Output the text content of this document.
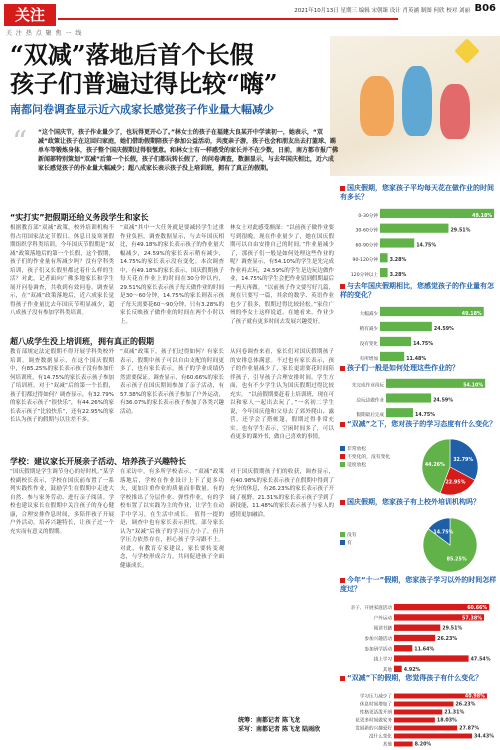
关注
关 注 热 点 聚 焦 一 线
2021年10月13日 星期三 编辑 宋朝臻 设计 肖英涵 制图 何欣 校对 刘丽 B06
“双减”落地后首个长假
孩子们普遍过得比较“嗨”
南都问卷调查显示近六成家长感觉孩子作业量大幅减少
“ “这个国庆节，孩子作业量少了，也玩得更开心了。”林女士的孩子在福建大良某开中学读初一，她表示，“双减”政策让孩子在这回归家庭，她们借助假期陪孩子参加公益活动，共度亲子游，孩子也会和朋友出去打篮球、踢单车等锻炼身体，孩子整个国庆假期过得很惬意。和林女士有一样感受的家长并不在少数，日前，南方都市报广佛新闻部特别策划“双减”后第一个长假，孩子们都玩转长假了，的问卷调查，数据显示，与去年国庆相比，近六成家长感觉孩子的作业量大幅减少；超八成家长表示孩子没上培训班，拥有了真正的假期。
“实打实”把假期还给义务段学生和家长
根据教育部“双减”政策，校外培训机构不得占用国家法定节假日、休息日及寒暑假期组织学科类培训。今年国庆节假期是“双减”政策落地后的第一个长假，这个假期，孩子们的作业量有所减少吗？没有学科类培训，孩子们又长假里都过着什么样的生活？对此，记者面向广佛多地家长和学生展开问卷调查，共收到有效问卷。调查显示，在“双减”政策落地后，近六成家长觉得孩子作业量比去年国庆节明显减少，超八成孩子没有参加学科类培训。
“双减”其中一大任务就是要减轻学生过重作业负担。调查数据显示，与去年国庆相比，有49.18%的家长表示孩子的作业量大幅减少，24.59%的家长表示稍有减少，14.75%的家长表示没有变化。本次调查中，有49.18%的家长表示，国庆假期孩子每天花在作业上的时间在30分钟以内，29.51%的家长表示孩子每天做作业的时间是30～60分钟，14.75%的家长则表示孩子每天需要花60～90分钟，只有3.28%的家长反映孩子做作业的时间在两个小时以上。
林女士对此感受颇深：“以前孩子做作业要写到很晚，现在作业量少了，她在国庆假期可以自由安排自己的时间。”作业量减少了，那孩子们一般是如何处理这些作业的呢？调查显示，有54.10%的学生是先完成作业再去玩，24.59%的学生是边玩边做作业，14.75%的学生会把作业留到假期最后一两天再做。 “以前孩子作文要写好几篇，现在只要写一篇，其余的数学、英语作业也少了很多，假期过得比较轻松。”家住广州的李女士这样说道。在她看来，作业少了孩子就有更多时间去发展兴趣爱好。
超八成学生没上培训班，拥有真正的假期
教育部规定法定假期不得开展学科类校外培训。调查数据显示，在这个国庆假期中，有85.25%的家长表示孩子没有参加任何培训班，有14.75%的家长表示孩子参加了培训班。对于“双减”后的第一个长假，孩子们都过得如何？调查显示，有32.79%的家长表示孩子“很快乐”，有44.26%的家长表示孩子“比较快乐”，还有22.95%的家长认为孩子的假期与以往差不多。
“双减”政策下，孩子们过得如何？有家长表示，假期中孩子可以自由支配的时间更多了，也有家长表示，孩子的学业成绩仍然需要保证。调查显示，有60.66%的家长表示孩子在国庆期间参加了亲子活动，有57.38%的家长表示孩子参加了户外运动，有36.07%的家长表示孩子参加了各类兴趣活动。
从问卷调查来看，家长们对国庆假期孩子的安排总体满意。不过也有家长表示，孩子的作业量减少了，家长更需要花时间陪伴孩子，引导孩子合理安排时间。学生方面，也有不少学生认为国庆假期过得比较充实。 “以前假期要赶着上培训班，现在可以和家人一起出去玩了。”一名初二学生说，今年国庆他和父母去了郊外爬山、露营，还学会了搭帐篷，假期过得非常充实。也有学生表示，空闲时间多了，可以看更多的课外书，做自己喜欢的事情。
学校：建议家长开展亲子活动、培养孩子兴趣特长
“国庆假期是学生调节身心的好时机。”某学校副校长表示，学校在国庆前布置了一系列实践性作业，鼓励学生在假期中走进大自然、参与家务劳动、进行亲子阅读。学校也建议家长在假期中关注孩子的身心健康，合理安排作息时间，多陪伴孩子开展户外活动，培养兴趣特长，让孩子过一个充实而有意义的假期。
在采访中，有多所学校表示，“双减”政策落地后，学校在作业设计上下了更多功夫，更加注重作业的质量而非数量。有的学校推出了分层作业、弹性作业，有的学校布置了以实践为主的作业，让学生在动手中学习，在生活中成长。 值得一提的是，调查中也有家长表示担忧。部分家长认为“双减”后孩子的学习压力小了，但升学压力依然存在，担心孩子学习跟不上。对此，有教育专家建议，家长要转变观念，与学校形成合力，共同促进孩子全面健康成长。
对于国庆假期孩子们的收获，调查显示，有40.98%的家长表示孩子在假期中得到了充分的休息，有26.23%的家长表示孩子开阔了视野，21.31%的家长表示孩子学到了新技能，11.48%的家长表示孩子与家人的感情更加融洽。
统筹：南都记者 陈飞龙
采写：南都记者 陈飞龙 陆雨欣
国庆假期，您家孩子平均每天花在做作业的时间有多长？
0-30分钟	49.18%
30-60分钟	29.51%
60-90分钟	14.75%
90-120分钟 3.28%
120分钟以上 3.28%
与去年国庆假期相比，您感觉孩子的作业量有怎样的变化？
大幅减少	49.18%
稍有减少	24.59%
没有变化	14.75%
有所增加	11.48%
孩子们一般是如何处理这些作业的？
先完成作业再玩	54.10%
边玩边做作业	24.59%
假期最后完成	14.75%
“双减”之下，您对孩子的学习态度有什么变化？
32.79%
22.95%
44.26%
非常放松
不变化的，没有变化
适度放松
国庆假期，您家孩子有上校外培训机构吗？
85.25%
14.75%
没有
有
今年“十一”假期，您家孩子学习以外的时间怎样度过？
亲子、开展家庭活动	60.66%
户外运动	57.38%
阅读书籍	29.51%
参加兴趣活动	26.23%
参加研学活动	11.64%
线上学习	47.54%
其他 4.92%
“双减”下的假期，您觉得孩子有什么变化？
学习压力减少了	40.98%
休息时间增加了	26.23%
性格更活泼开朗	21.31%
花更多时间做家务	18.03%
发展新的兴趣爱好	27.87%
没什么变化	34.43%
其他	8.20%
